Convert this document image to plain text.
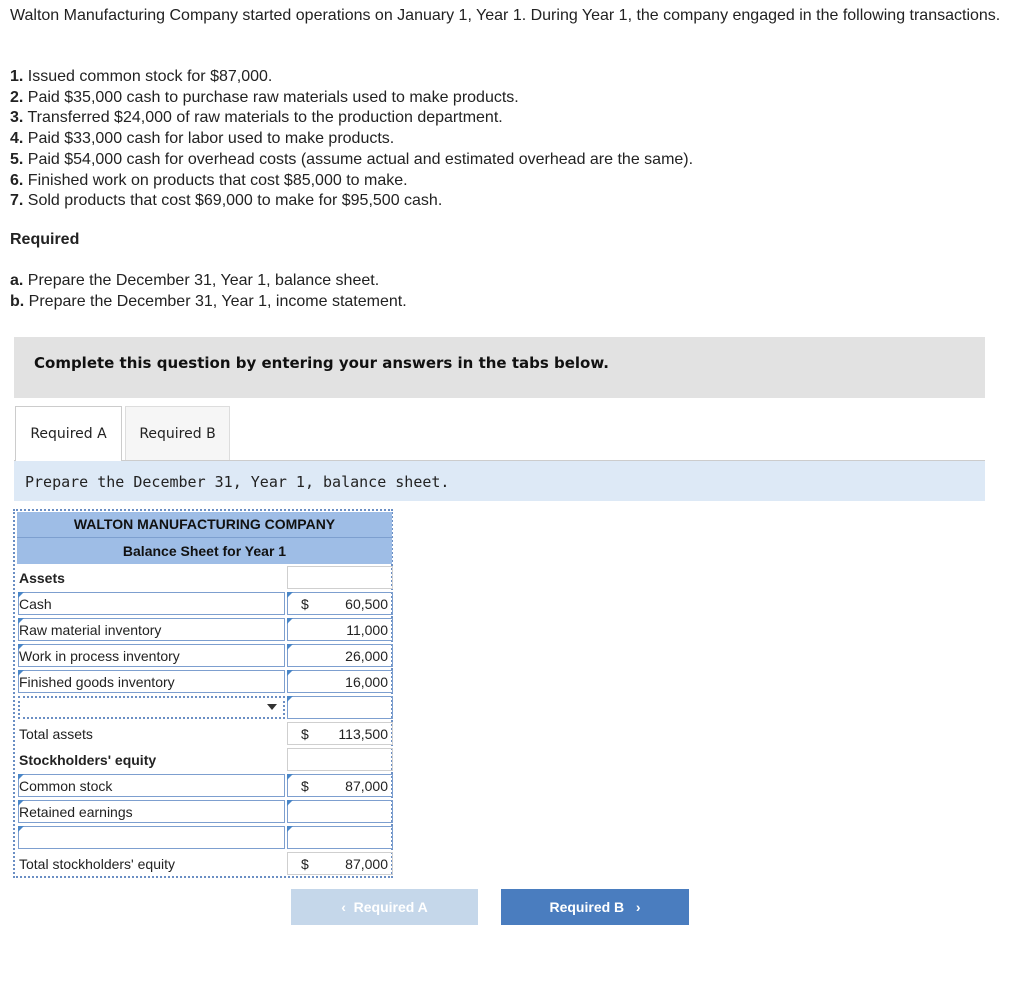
Walton Manufacturing Company started operations on January 1, Year 1. During Year 1, the company engaged in the following transactions.
1. Issued common stock for $87,000.
2. Paid $35,000 cash to purchase raw materials used to make products.
3. Transferred $24,000 of raw materials to the production department.
4. Paid $33,000 cash for labor used to make products.
5. Paid $54,000 cash for overhead costs (assume actual and estimated overhead are the same).
6. Finished work on products that cost $85,000 to make.
7. Sold products that cost $69,000 to make for $95,500 cash.
Required
a. Prepare the December 31, Year 1, balance sheet.
b. Prepare the December 31, Year 1, income statement.
Complete this question by entering your answers in the tabs below.
Required A	Required B
Prepare the December 31, Year 1, balance sheet.
WALTON MANUFACTURING COMPANY
Balance Sheet for Year 1
Assets
Cash	$	60,500
Raw material inventory	11,000
Work in process inventory	26,000
Finished goods inventory	16,000
Total assets	$ 113,500
Stockholders' equity
Common stock	$	87,000
Retained earnings
Total stockholders' equity	$	87,000
‹  Required A	Required B   ›
